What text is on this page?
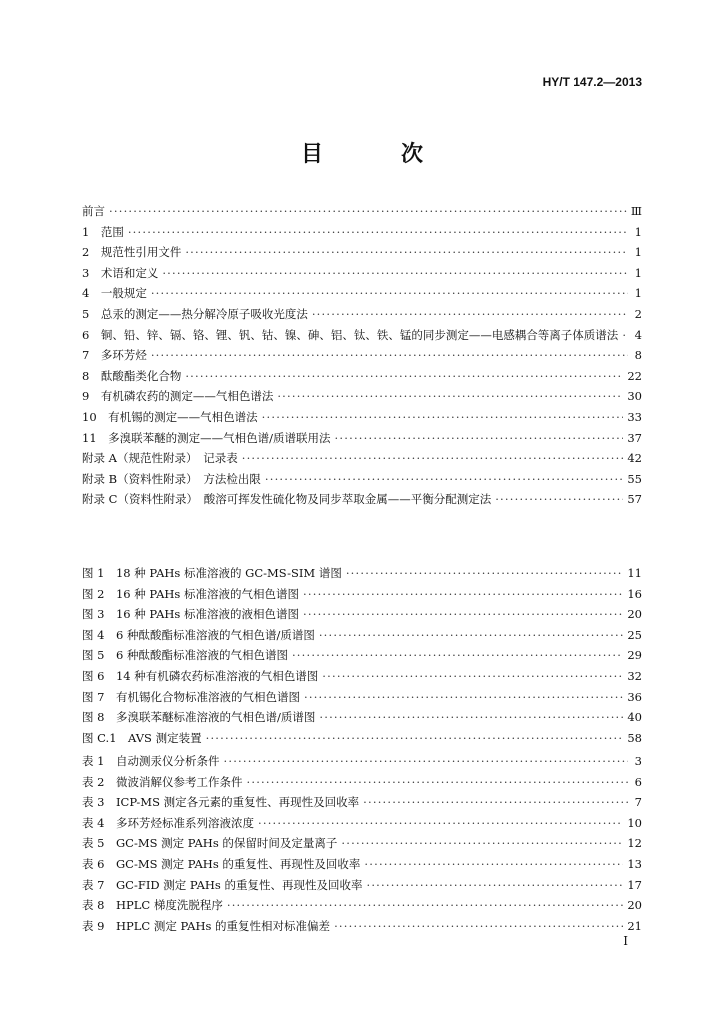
HY/T 147.2—2013
目　次
前言 ·····	Ⅲ
1　范围 ·····	1
2　规范性引用文件 ·····	1
3　术语和定义 ·····	1
4　一般规定 ·····	1
5　总汞的测定——热分解冷原子吸收光度法 ·····	2
6　铜、铅、锌、镉、铬、锂、钒、钴、镍、砷、铝、钛、铁、锰的同步测定——电感耦合等离子体质谱法 ····· 4
7　多环芳烃 ·····	8
8　酞酸酯类化合物 ·····	22
9　有机磷农药的测定——气相色谱法 ·····	30
10　有机锡的测定——气相色谱法 ·····	33
11　多溴联苯醚的测定——气相色谱/质谱联用法 ·····	37
附录 A（规范性附录）　记录表 ·····	42
附录 B（资料性附录）　方法检出限 ·····	55
附录 C（资料性附录）　酸溶可挥发性硫化物及同步萃取金属——平衡分配测定法 ·····	57
图 1　18 种 PAHs 标准溶液的 GC-MS-SIM 谱图 ·····	11
图 2　16 种 PAHs 标准溶液的气相色谱图 ·····	16
图 3　16 种 PAHs 标准溶液的液相色谱图 ·····	20
图 4　6 种酞酸酯标准溶液的气相色谱/质谱图 ·····	25
图 5　6 种酞酸酯标准溶液的气相色谱图 ·····	29
图 6　14 种有机磷农药标准溶液的气相色谱图 ·····	32
图 7　有机锡化合物标准溶液的气相色谱图 ·····	36
图 8　多溴联苯醚标准溶液的气相色谱/质谱图 ·····	40
图 C.1　AVS 测定装置 ·····	58
表 1　自动测汞仪分析条件 ·····	3
表 2　微波消解仪参考工作条件 ·····	6
表 3　ICP-MS 测定各元素的重复性、再现性及回收率 ·····	7
表 4　多环芳烃标准系列溶液浓度 ·····	10
表 5　GC-MS 测定 PAHs 的保留时间及定量离子 ·····	12
表 6　GC-MS 测定 PAHs 的重复性、再现性及回收率 ·····	13
表 7　GC-FID 测定 PAHs 的重复性、再现性及回收率 ·····	17
表 8　HPLC 梯度洗脱程序 ·····	20
表 9　HPLC 测定 PAHs 的重复性相对标准偏差 ·····	21
Ⅰ
